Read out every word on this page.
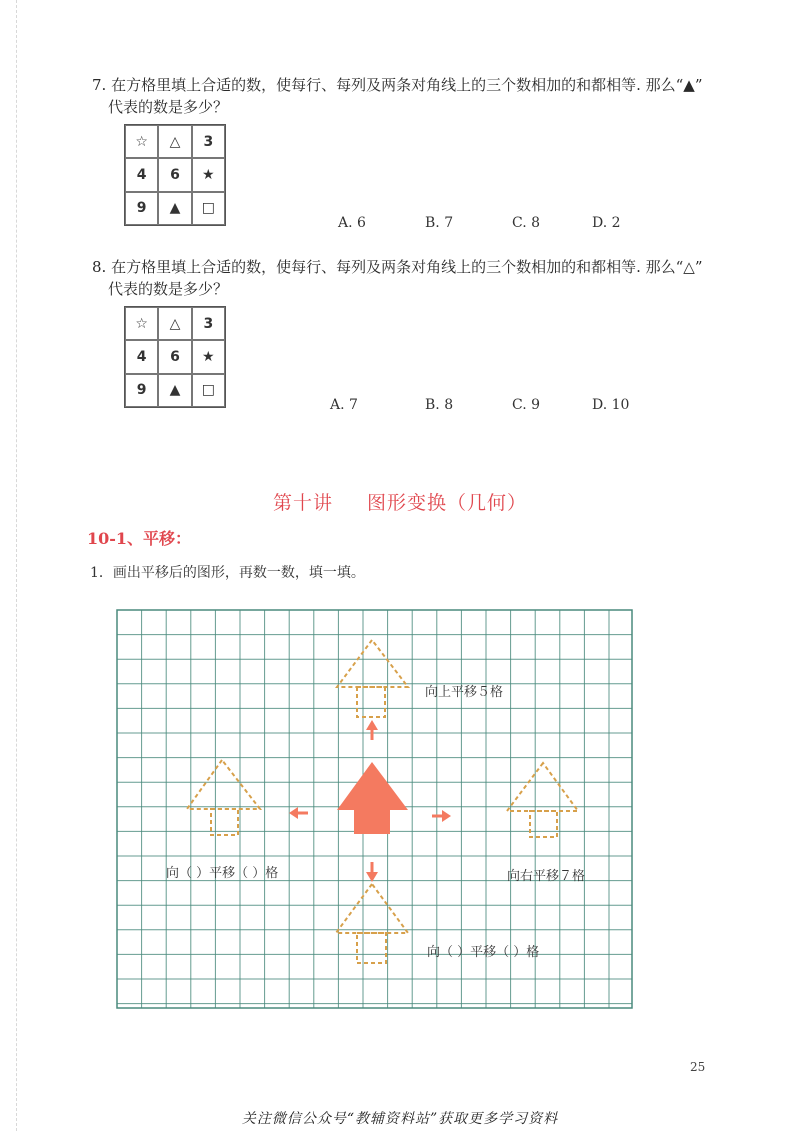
7. 在方格里填上合适的数，使每行、每列及两条对角线上的三个数相加的和都相等. 那么“▲”
代表的数是多少？
☆	△	3
4	6	★
9	▲	□
A. 6	B. 7	C. 8	D. 2
8. 在方格里填上合适的数，使每行、每列及两条对角线上的三个数相加的和都相等. 那么“△”
代表的数是多少？
☆	△	3
4	6	★
9	▲	□
A. 7	B. 8	C. 9	D. 10
第十讲 图形变换（几何）
10-1、平移：
1．画出平移后的图形，再数一数，填一填。
向上平移５格
向（ ）平移（ ）格	向右平移７格
向（ ）平移（ ）格
25
关注微信公众号“教辅资料站”获取更多学习资料
